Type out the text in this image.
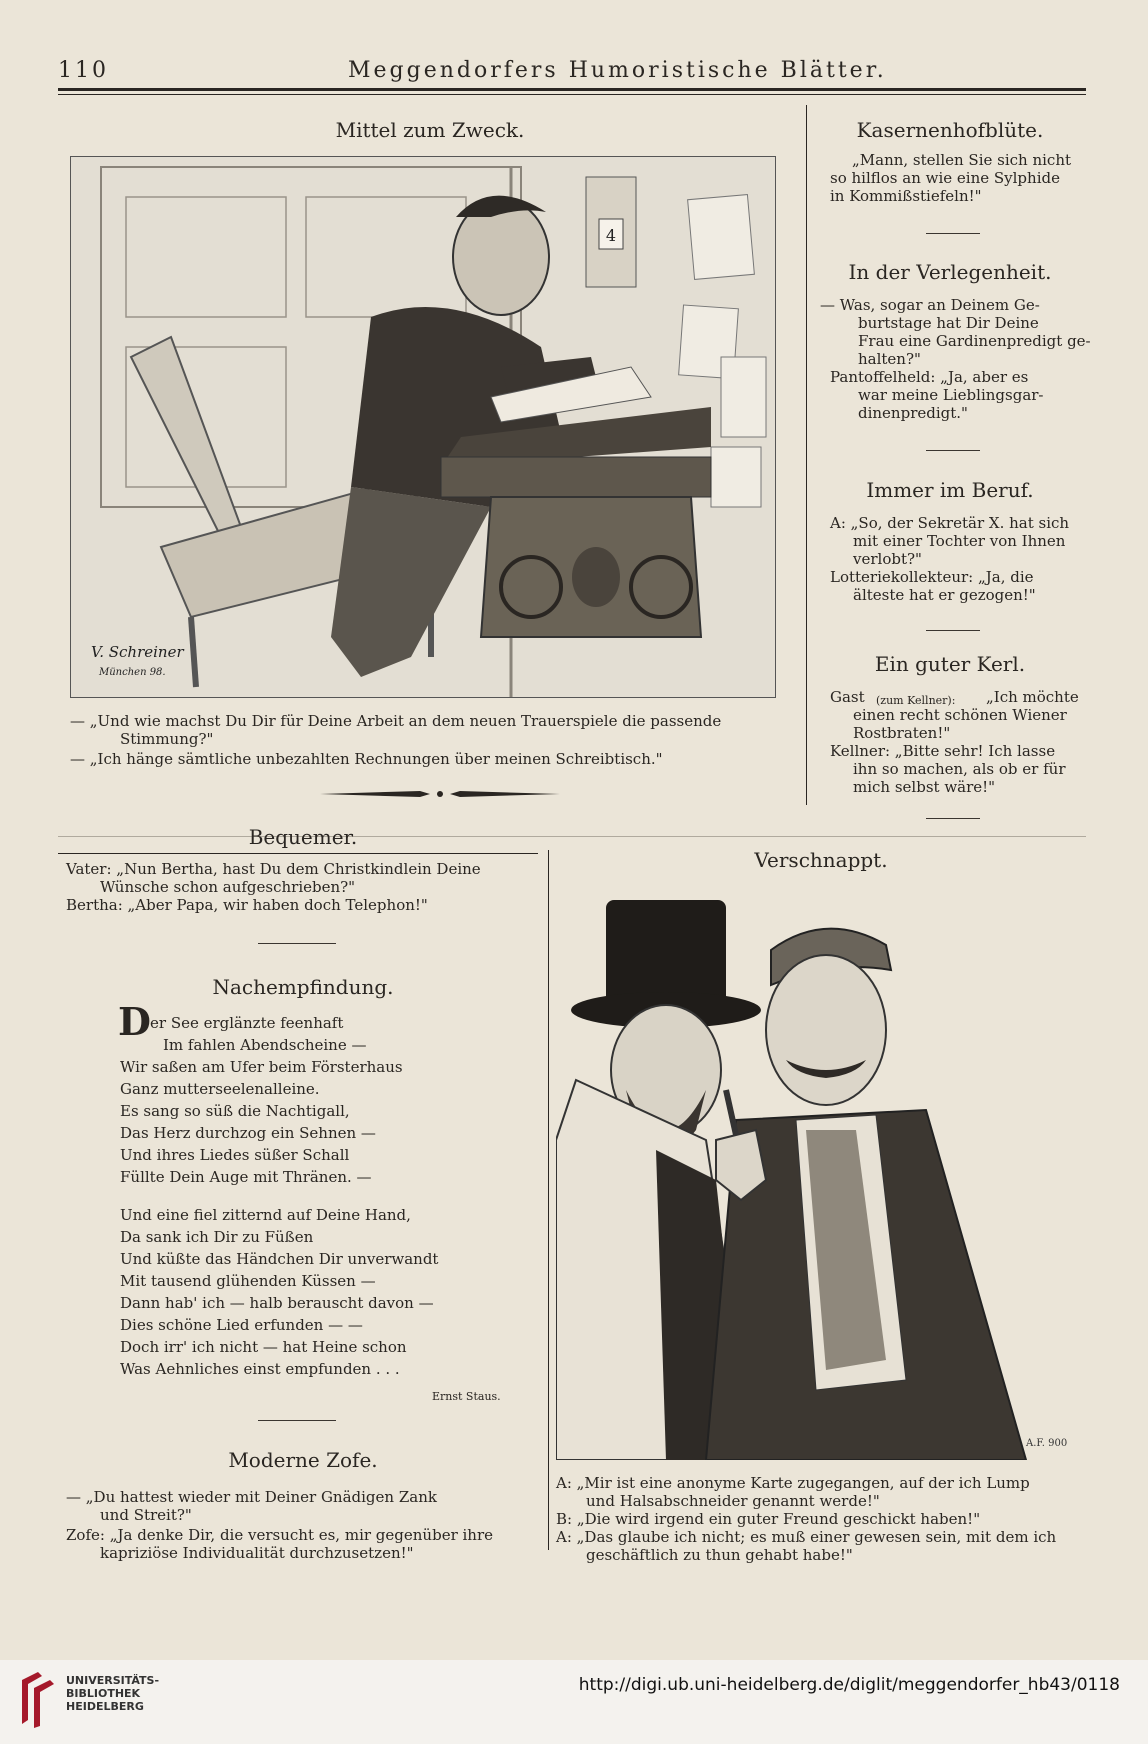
110	Meggendorfers Humoristische Blätter.
Mittel zum Zweck.
4
V. Schreiner
München 98.
— „Und wie machst Du Dir für Deine Arbeit an dem neuen Trauerspiele die passende
Stimmung?"
— „Ich hänge sämtliche unbezahlten Rechnungen über meinen Schreibtisch."
Kasernenhofblüte.
„Mann, stellen Sie sich nicht
so hilflos an wie eine Sylphide
in Kommißstiefeln!"
In der Verlegenheit.
— Was, sogar an Deinem Ge-
burtstage hat Dir Deine
Frau eine Gardinenpredigt ge-
halten?"
Pantoffelheld: „Ja, aber es
war meine Lieblingsgar-
dinenpredigt."
Immer im Beruf.
A: „So, der Sekretär X. hat sich
mit einer Tochter von Ihnen
verlobt?"
Lotteriekollekteur: „Ja, die
älteste hat er gezogen!"
Ein guter Kerl.
Gast (zum Kellner): „Ich möchte
einen recht schönen Wiener
Rostbraten!"
Kellner: „Bitte sehr! Ich lasse
ihn so machen, als ob er für
mich selbst wäre!"
Bequemer.
Vater: „Nun Bertha, hast Du dem Christkindlein Deine
Wünsche schon aufgeschrieben?"
Bertha: „Aber Papa, wir haben doch Telephon!"
Nachempfindung.
D er See erglänzte feenhaft
Im fahlen Abendscheine —
Wir saßen am Ufer beim Försterhaus
Ganz mutterseelenalleine.
Es sang so süß die Nachtigall,
Das Herz durchzog ein Sehnen —
Und ihres Liedes süßer Schall
Füllte Dein Auge mit Thränen. —
Und eine fiel zitternd auf Deine Hand,
Da sank ich Dir zu Füßen
Und küßte das Händchen Dir unverwandt
Mit tausend glühenden Küssen —
Dann hab' ich — halb berauscht davon —
Dies schöne Lied erfunden — —
Doch irr' ich nicht — hat Heine schon
Was Aehnliches einst empfunden . . .
Ernst Staus.
Moderne Zofe.
— „Du hattest wieder mit Deiner Gnädigen Zank
und Streit?"
Zofe: „Ja denke Dir, die versucht es, mir gegenüber ihre
kapriziöse Individualität durchzusetzen!"
Verschnappt.
A.F. 900
A: „Mir ist eine anonyme Karte zugegangen, auf der ich Lump
und Halsabschneider genannt werde!"
B: „Die wird irgend ein guter Freund geschickt haben!"
A: „Das glaube ich nicht; es muß einer gewesen sein, mit dem ich
geschäftlich zu thun gehabt habe!"
UNIVERSITÄTS-
BIBLIOTHEK
HEIDELBERG
http://digi.ub.uni-heidelberg.de/diglit/meggendorfer_hb43/0118
